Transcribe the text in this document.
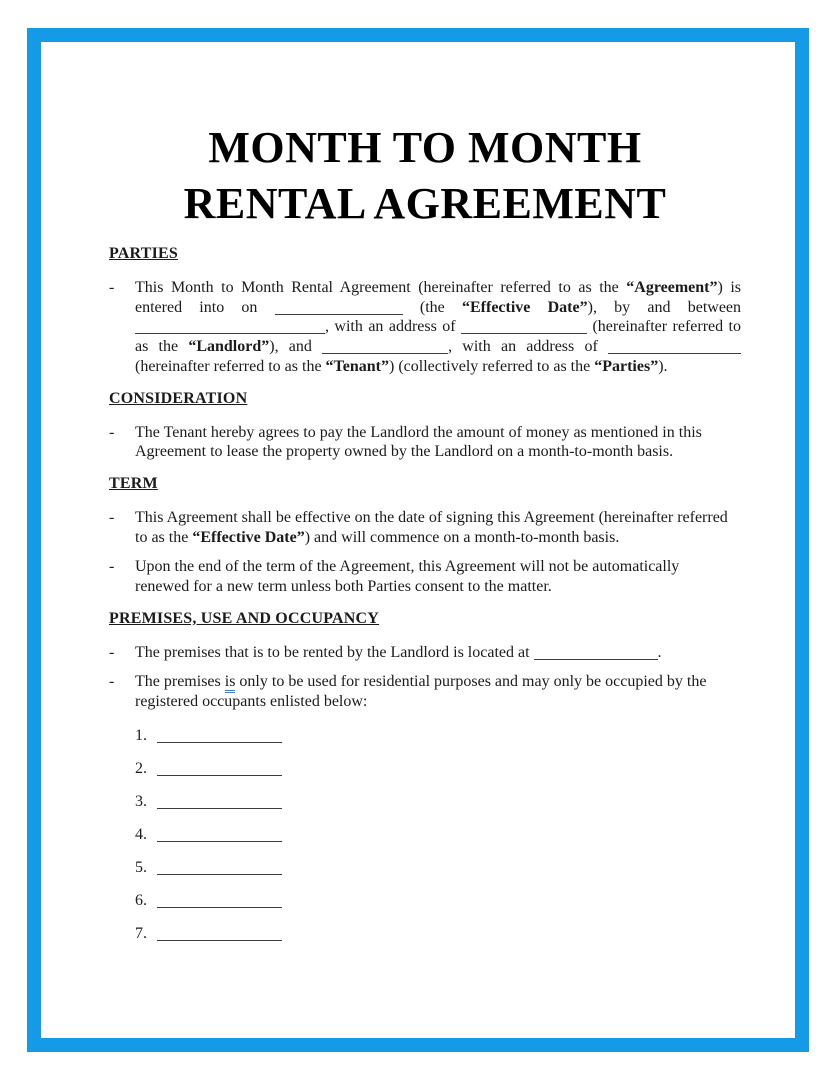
MONTH TO MONTH
RENTAL AGREEMENT
PARTIES
-	This Month to Month Rental Agreement (hereinafter referred to as the “Agreement”) is
entered into on	(the “Effective Date”), by and between
, with an address of	(hereinafter referred to
as the “Landlord”), and	, with an address of
(hereinafter referred to as the “Tenant”) (collectively referred to as the “Parties”).
CONSIDERATION
-	The Tenant hereby agrees to pay the Landlord the amount of money as mentioned in this
Agreement to lease the property owned by the Landlord on a month-to-month basis.
TERM
-	This Agreement shall be effective on the date of signing this Agreement (hereinafter referred
to as the “Effective Date”) and will commence on a month-to-month basis.
-	Upon the end of the term of the Agreement, this Agreement will not be automatically
renewed for a new term unless both Parties consent to the matter.
PREMISES, USE AND OCCUPANCY
-	The premises that is to be rented by the Landlord is located at	.
-	The premises is only to be used for residential purposes and may only be occupied by the
registered occupants enlisted below:
1.
2.
3.
4.
5.
6.
7.
